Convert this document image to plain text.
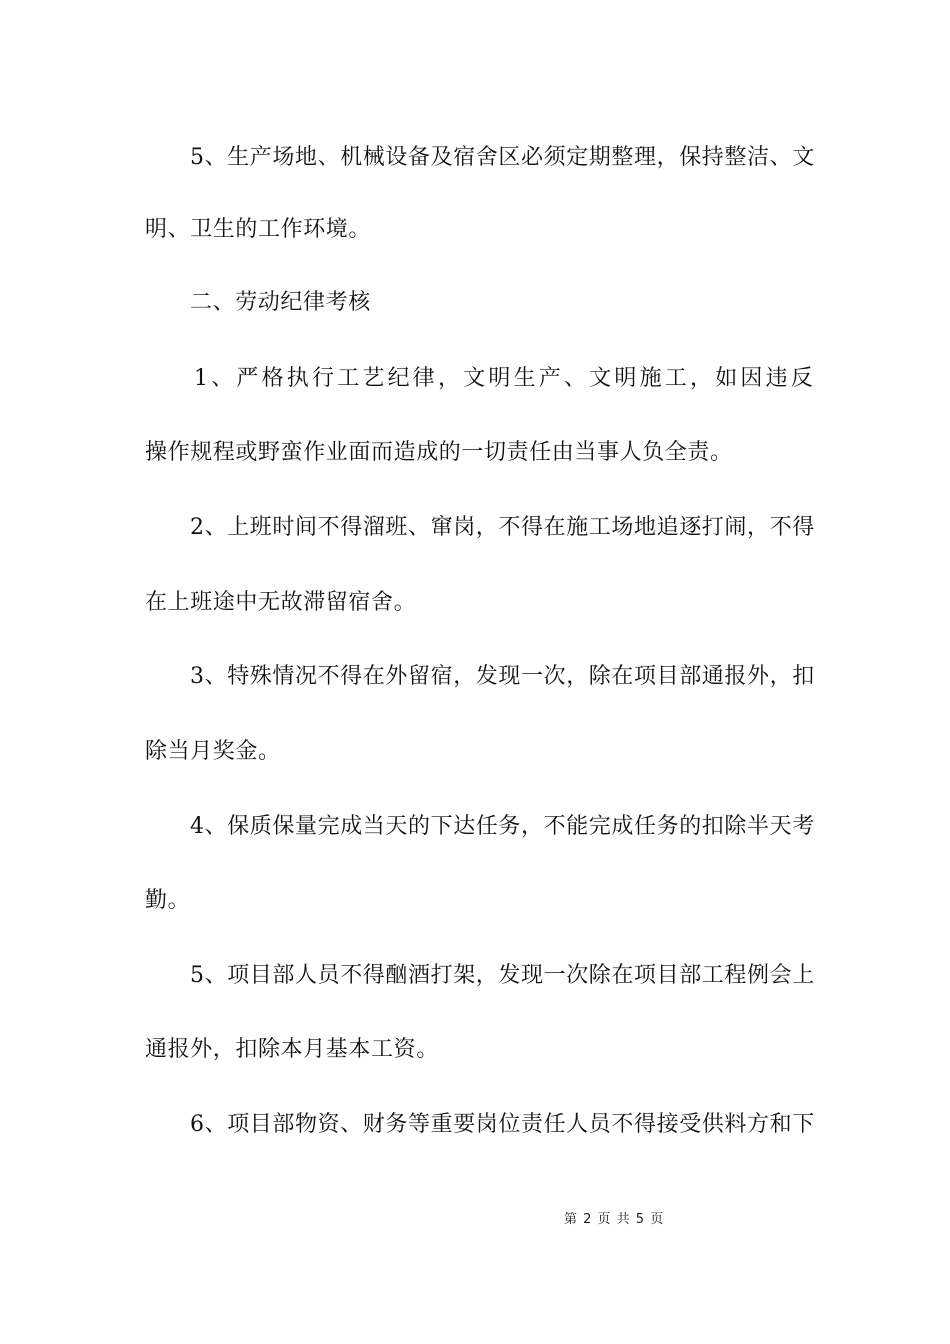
5、生产场地、机械设备及宿舍区必须定期整理，保持整洁、文
明、卫生的工作环境。
二、劳动纪律考核
1、严格执行工艺纪律，文明生产、文明施工，如因违反
操作规程或野蛮作业面而造成的一切责任由当事人负全责。
2、上班时间不得溜班、窜岗，不得在施工场地追逐打闹，不得
在上班途中无故滞留宿舍。
3、特殊情况不得在外留宿，发现一次，除在项目部通报外，扣
除当月奖金。
4、保质保量完成当天的下达任务，不能完成任务的扣除半天考
勤。
5、项目部人员不得酗酒打架，发现一次除在项目部工程例会上
通报外，扣除本月基本工资。
6、项目部物资、财务等重要岗位责任人员不得接受供料方和下
第 2 页 共 5 页
